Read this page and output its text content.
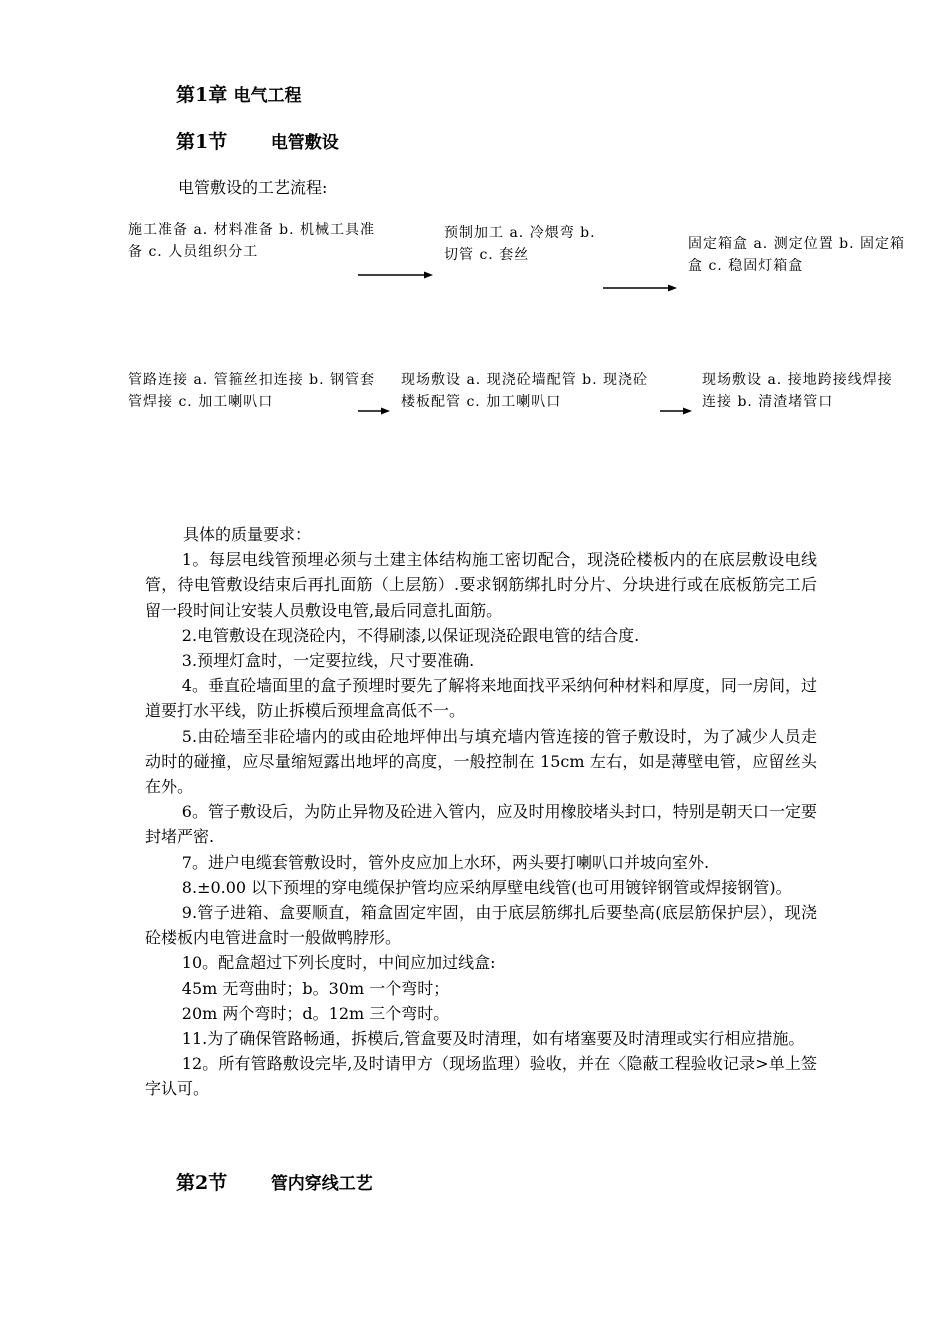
第1章 电气工程
第1节	电管敷设
电管敷设的工艺流程:
施工准备 a. 材料准备 b. 机械工具准备 c. 人员组织分工
预制加工 a. 冷煨弯 b. 切管 c. 套丝
固定箱盒 a. 测定位置 b. 固定箱盒 c. 稳固灯箱盒
管路连接 a. 管箍丝扣连接 b. 钢管套管焊接 c. 加工喇叭口
现场敷设 a. 现浇砼墙配管 b. 现浇砼楼板配管 c. 加工喇叭口
现场敷设 a. 接地跨接线焊接连接 b. 清渣堵管口

具体的质量要求：

1。每层电线管预埋必须与土建主体结构施工密切配合，现浇砼楼板内的在底层敷设电线管，待电管敷设结束后再扎面筋（上层筋）.要求钢筋绑扎时分片、分块进行或在底板筋完工后留一段时间让安装人员敷设电管,最后同意扎面筋。

2.电管敷设在现浇砼内，不得刷漆,以保证现浇砼跟电管的结合度.

3.预埋灯盒时，一定要拉线，尺寸要准确.

4。垂直砼墙面里的盒子预埋时要先了解将来地面找平采纳何种材料和厚度，同一房间，过道要打水平线，防止拆模后预埋盒高低不一。

5.由砼墙至非砼墙内的或由砼地坪伸出与填充墙内管连接的管子敷设时，为了减少人员走动时的碰撞，应尽量缩短露出地坪的高度，一般控制在 15cm 左右，如是薄壁电管，应留丝头在外。

6。管子敷设后，为防止异物及砼进入管内，应及时用橡胶堵头封口，特别是朝天口一定要封堵严密.

7。进户电缆套管敷设时，管外皮应加上水环，两头要打喇叭口并坡向室外.

8.±0.00 以下预埋的穿电缆保护管均应采纳厚壁电线管(也可用镀锌钢管或焊接钢管)。

9.管子进箱、盒要顺直，箱盒固定牢固，由于底层筋绑扎后要垫高(底层筋保护层），现浇砼楼板内电管进盒时一般做鸭脖形。

10。配盒超过下列长度时，中间应加过线盒:

45m 无弯曲时；b。30m 一个弯时；

20m 两个弯时；d。12m 三个弯时。

11.为了确保管路畅通，拆模后,管盒要及时清理，如有堵塞要及时清理或实行相应措施。

12。所有管路敷设完毕,及时请甲方（现场监理）验收，并在〈隐蔽工程验收记录>单上签字认可。

第2节	管内穿线工艺
